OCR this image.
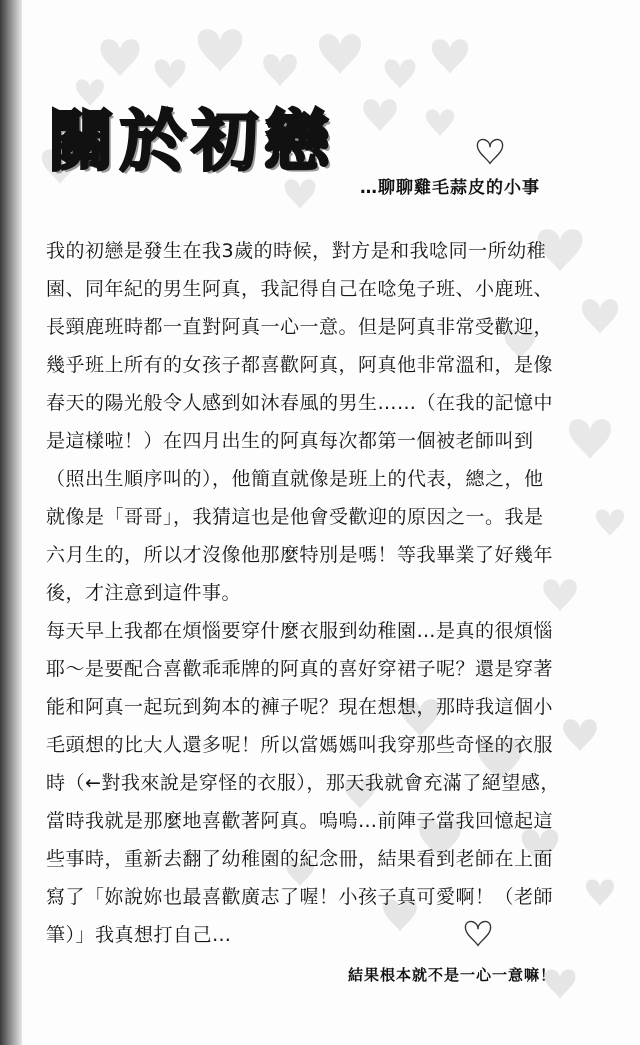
關於初戀
…聊聊雞毛蒜皮的小事

我的初戀是發生在我3歲的時候，對方是和我唸同一所幼稚園、同年紀的男生阿真，我記得自己在唸兔子班、小鹿班、長頸鹿班時都一直對阿真一心一意。但是阿真非常受歡迎，幾乎班上所有的女孩子都喜歡阿真，阿真他非常溫和，是像春天的陽光般令人感到如沐春風的男生……（在我的記憶中是這樣啦！）在四月出生的阿真每次都第一個被老師叫到（照出生順序叫的），他簡直就像是班上的代表，總之，他就像是「哥哥」，我猜這也是他會受歡迎的原因之一。我是六月生的，所以才沒像他那麼特別是嗎！等我畢業了好幾年後，才注意到這件事。

每天早上我都在煩惱要穿什麼衣服到幼稚園…是真的很煩惱耶～是要配合喜歡乖乖牌的阿真的喜好穿裙子呢？還是穿著能和阿真一起玩到夠本的褲子呢？現在想想，那時我這個小毛頭想的比大人還多呢！所以當媽媽叫我穿那些奇怪的衣服時（←對我來說是穿怪的衣服），那天我就會充滿了絕望感，當時我就是那麼地喜歡著阿真。嗚嗚…前陣子當我回憶起這些事時，重新去翻了幼稚園的紀念冊，結果看到老師在上面寫了「妳說妳也最喜歡廣志了喔！小孩子真可愛啊！（老師筆）」我真想打自己…

結果根本就不是一心一意嘛！
